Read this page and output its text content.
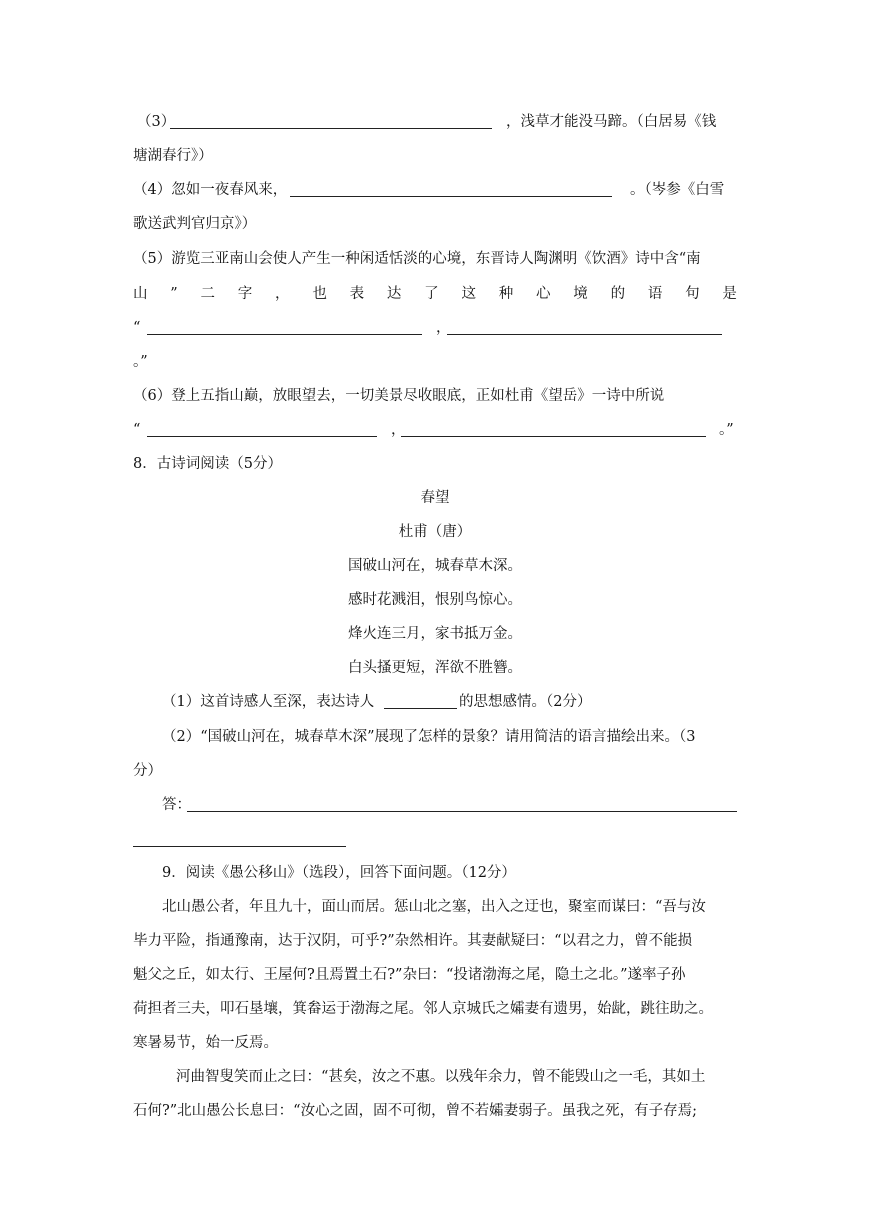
（3）	，浅草才能没马蹄。（白居易《钱
塘湖春行》）
（4）忽如一夜春风来，	。（岑参《白雪
歌送武判官归京》）
（5）游览三亚南山会使人产生一种闲适恬淡的心境，东晋诗人陶渊明《饮酒》诗中含“南
山 ” 二 字 ， 也 表 达 了 这 种 心 境 的 语 句 是
“	，
。”
（6）登上五指山巅，放眼望去，一切美景尽收眼底，正如杜甫《望岳》一诗中所说
“	，	。”
8．古诗词阅读（5分）
春望
杜甫（唐）
国破山河在，城春草木深。
感时花溅泪，恨别鸟惊心。
烽火连三月，家书抵万金。
白头搔更短，浑欲不胜簪。
（1）这首诗感人至深，表达诗人	的思想感情。（2分）
（2）“国破山河在，城春草木深”展现了怎样的景象？请用简洁的语言描绘出来。（3
分）
答：
9．阅读《愚公移山》（选段），回答下面问题。（12分）
北山愚公者，年且九十，面山而居。惩山北之塞，出入之迂也，聚室而谋曰：“吾与汝
毕力平险，指通豫南，达于汉阴，可乎?”杂然相许。其妻献疑曰：“以君之力，曾不能损
魁父之丘，如太行、王屋何?且焉置土石?”杂曰：“投诸渤海之尾，隐土之北。”遂率子孙
荷担者三夫，叩石垦壤，箕畚运于渤海之尾。邻人京城氏之孀妻有遗男，始龀，跳往助之。
寒暑易节，始一反焉。
河曲智叟笑而止之曰：“甚矣，汝之不惠。以残年余力，曾不能毁山之一毛，其如土
石何?”北山愚公长息曰：“汝心之固，固不可彻，曾不若孀妻弱子。虽我之死，有子存焉;
